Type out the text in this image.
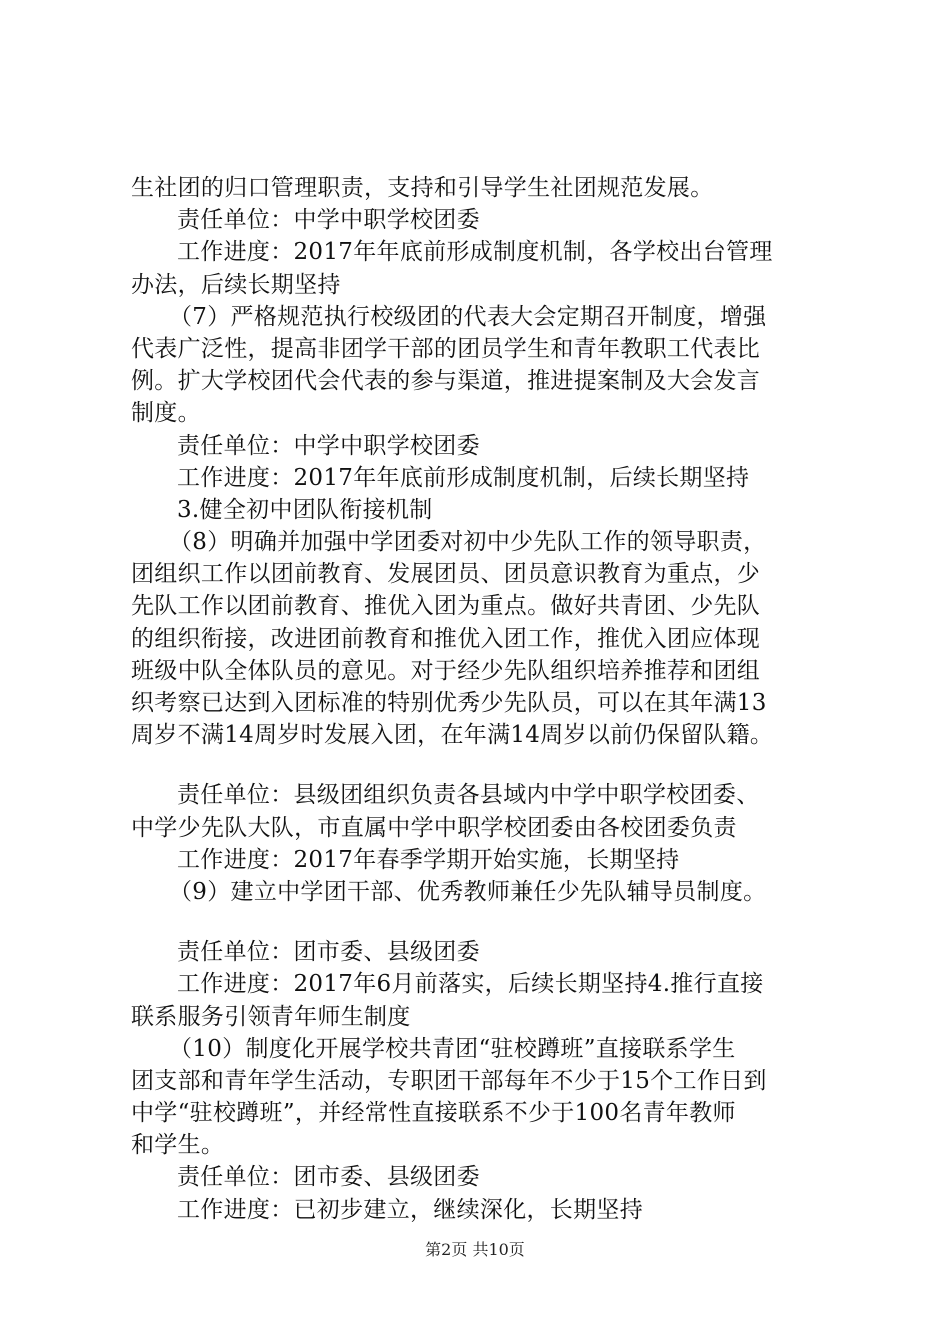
生社团的归口管理职责，支持和引导学生社团规范发展。
责任单位：中学中职学校团委
工作进度：2017年年底前形成制度机制，各学校出台管理
办法，后续长期坚持
（7）严格规范执行校级团的代表大会定期召开制度，增强
代表广泛性，提高非团学干部的团员学生和青年教职工代表比
例。扩大学校团代会代表的参与渠道，推进提案制及大会发言
制度。
责任单位：中学中职学校团委
工作进度：2017年年底前形成制度机制，后续长期坚持
3.健全初中团队衔接机制
（8）明确并加强中学团委对初中少先队工作的领导职责，
团组织工作以团前教育、发展团员、团员意识教育为重点，少
先队工作以团前教育、推优入团为重点。做好共青团、少先队
的组织衔接，改进团前教育和推优入团工作，推优入团应体现
班级中队全体队员的意见。对于经少先队组织培养推荐和团组
织考察已达到入团标准的特别优秀少先队员，可以在其年满13
周岁不满14周岁时发展入团，在年满14周岁以前仍保留队籍。
责任单位：县级团组织负责各县域内中学中职学校团委、
中学少先队大队，市直属中学中职学校团委由各校团委负责
工作进度：2017年春季学期开始实施，长期坚持
（9）建立中学团干部、优秀教师兼任少先队辅导员制度。
责任单位：团市委、县级团委
工作进度：2017年6月前落实，后续长期坚持4.推行直接
联系服务引领青年师生制度
（10）制度化开展学校共青团“驻校蹲班”直接联系学生
团支部和青年学生活动，专职团干部每年不少于15个工作日到
中学“驻校蹲班”，并经常性直接联系不少于100名青年教师
和学生。
责任单位：团市委、县级团委
工作进度：已初步建立，继续深化，长期坚持
第2页 共10页
